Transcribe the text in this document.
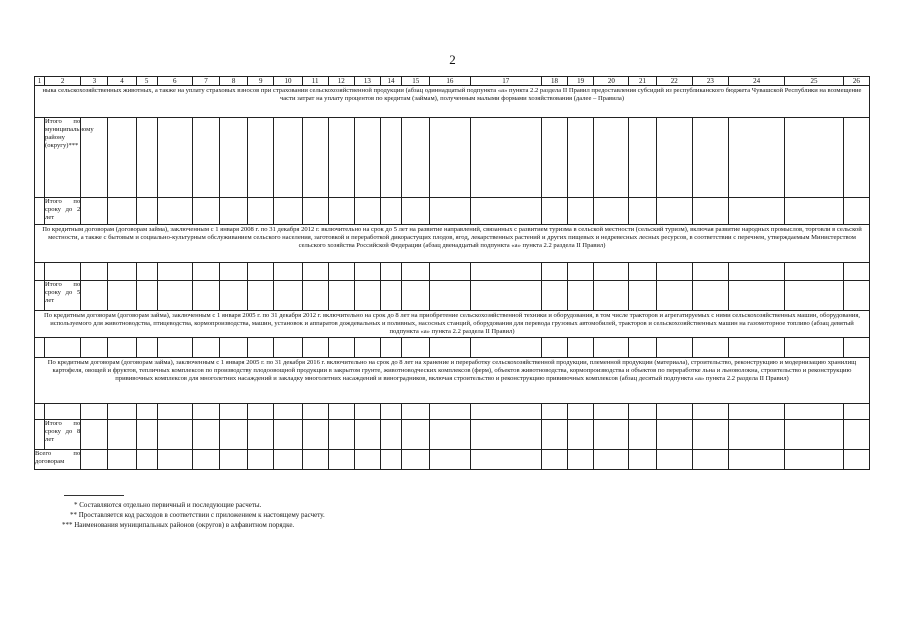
2
1	2	3	4	5	6	7	8	9	10	11	12	13	14	15	16	17	18	19	20	21	22	23	24	25	26
ныка сельскохозяйственных животных, а также на уплату страховых взносов при страховании сельскохозяйственной продукции (абзац одиннадцатый подпункта «а» пункта 2.2 раздела II Правил предоставления субсидий из республиканского бюджета Чувашской Республики на возмещение части затрат на уплату процентов по кредитам (займам), полученным малыми формами хозяйствования (далее – Правила)																									
	Итого по муниципальному району (округу)***																								
	Итого по сроку до 2 лет																								
По кредитным договорам (договорам займа), заключенным с 1 января 2008 г. по 31 декабря 2012 г. включительно на срок до 5 лет на развитие направлений, связанных с развитием туризма в сельской местности (сельский туризм), включая развитие народных промыслов, торговли в сельской местности, а также с бытовым и социально-культурным обслуживанием сельского населения, заготовкой и переработкой дикорастущих плодов, ягод, лекарственных растений и других пищевых и недревесных лесных ресурсов, в соответствии с перечнем, утверждаемым Министерством сельского хозяйства Российской Федерации (абзац двенадцатый подпункта «а» пункта 2.2 раздела II Правил)																									

	Итого по сроку до 5 лет																								
По кредитным договорам (договорам займа), заключенным с 1 января 2005 г. по 31 декабря 2012 г. включительно на срок до 8 лет на приобретение сельскохозяйственной техники и оборудования, в том числе тракторов и агрегатируемых с ними сельскохозяйственных машин, оборудования, используемого для животноводства, птицеводства, кормопроизводства, машин, установок и аппаратов дождевальных и поливных, насосных станций, оборудования для перевода грузовых автомобилей, тракторов и сельскохозяйственных машин на газомоторное топливо (абзац девятый подпункта «а» пункта 2.2 раздела II Правил)																									

По кредитным договорам (договорам займа), заключенным с 1 января 2005 г. по 31 декабря 2016 г. включительно на срок до 8 лет на хранение и переработку сельскохозяйственной продукции, племенной продукции (материала), строительство, реконструкцию и модернизацию хранилищ картофеля, овощей и фруктов, тепличных комплексов по производству плодоовощной продукции в закрытом грунте, животноводческих комплексов (ферм), объектов животноводства, кормопроизводства и объектов по переработке льна и льноволокна, строительство и реконструкцию прививочных комплексов для многолетних насаждений и закладку многолетних насаждений и виноградников, включая строительство и реконструкцию прививочных комплексов (абзац десятый подпункта «а» пункта 2.2 раздела II Правил)																									

	Итого по сроку до 8 лет																								
Всего по договорам																									
* Составляются отдельно первичный и последующие расчеты.
** Проставляется код расходов в соответствии с приложением к настоящему расчету.
*** Наименования муниципальных районов (округов) в алфавитном порядке.
